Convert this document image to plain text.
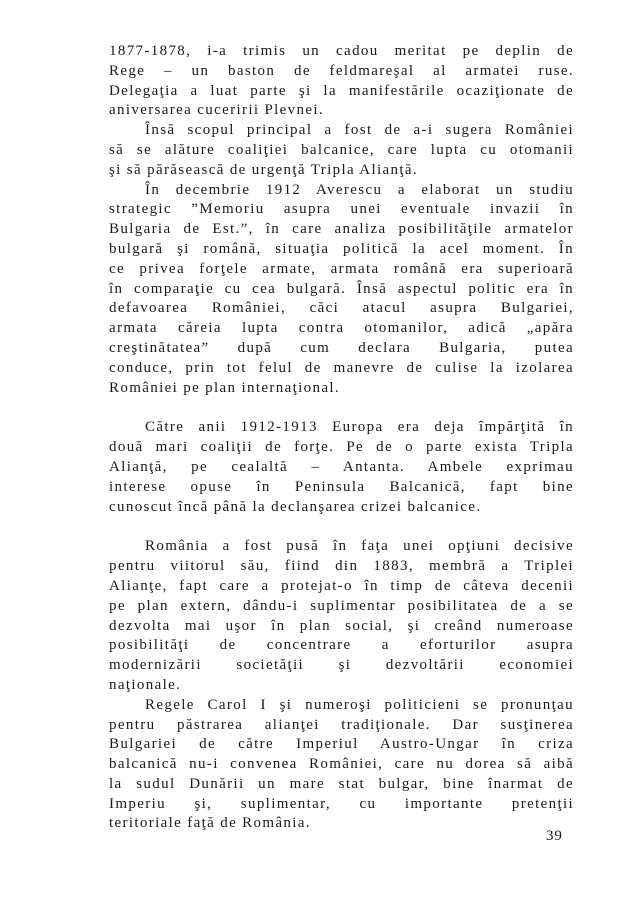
1877-1878, i-a trimis un cadou meritat pe deplin de
Rege – un baston de feldmareşal al armatei ruse.
Delegaţia a luat parte şi la manifestările ocaziţionate de
aniversarea cuceririi Plevnei.
Însă scopul principal a fost de a-i sugera României
să se alăture coaliţiei balcanice, care lupta cu otomanii
şi să părăsească de urgenţă Tripla Alianţă.
În decembrie 1912 Averescu a elaborat un studiu
strategic ”Memoriu asupra unei eventuale invazii în
Bulgaria de Est.”, în care analiza posibilităţile armatelor
bulgară şi română, situaţia politică la acel moment. În
ce privea forţele armate, armata română era superioară
în comparaţie cu cea bulgară. Însă aspectul politic era în
defavoarea României, căci atacul asupra Bulgariei,
armata căreia lupta contra otomanilor, adică „apăra
creştinătatea” după cum declara Bulgaria, putea
conduce, prin tot felul de manevre de culise la izolarea
României pe plan internaţional.
Către anii 1912-1913 Europa era deja împărţită în
două mari coaliţii de forţe. Pe de o parte exista Tripla
Alianţă, pe cealaltă – Antanta. Ambele exprimau
interese opuse în Peninsula Balcanică, fapt bine
cunoscut încă până la declanşarea crizei balcanice.
România a fost pusă în faţa unei opţiuni decisive
pentru viitorul său, fiind din 1883, membră a Triplei
Alianţe, fapt care a protejat-o în timp de câteva decenii
pe plan extern, dându-i suplimentar posibilitatea de a se
dezvolta mai uşor în plan social, şi creând numeroase
posibilităţi de concentrare a eforturilor asupra
modernizării societăţii şi dezvoltării economiei
naţionale.
Regele Carol I şi numeroşi politicieni se pronunţau
pentru păstrarea alianţei tradiţionale. Dar susţinerea
Bulgariei de către Imperiul Austro-Ungar în criza
balcanică nu-i convenea României, care nu dorea să aibă
la sudul Dunării un mare stat bulgar, bine înarmat de
Imperiu şi, suplimentar, cu importante pretenţii
teritoriale faţă de România.
39
